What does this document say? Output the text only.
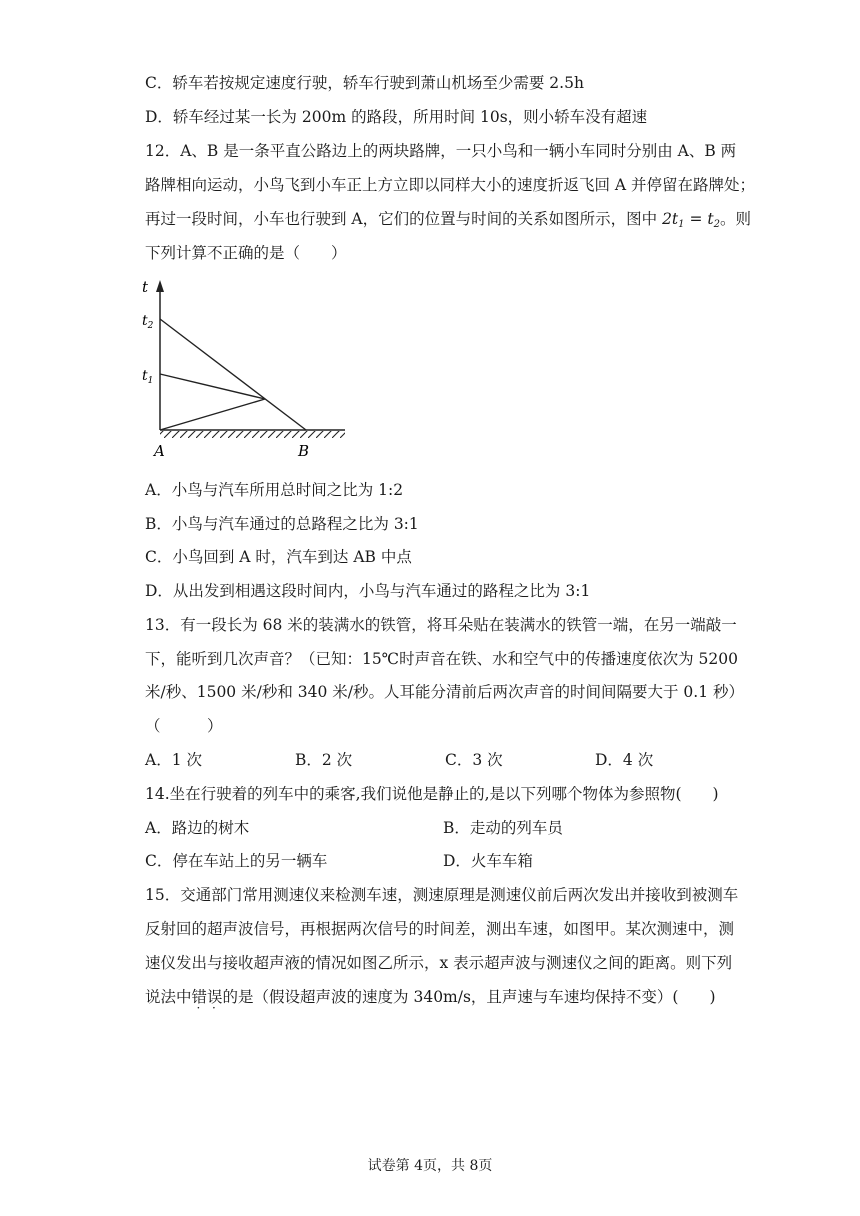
C．轿车若按规定速度行驶，轿车行驶到萧山机场至少需要 2.5h
D．轿车经过某一长为 200m 的路段，所用时间 10s，则小轿车没有超速
12．A、B 是一条平直公路边上的两块路牌，一只小鸟和一辆小车同时分别由 A、B 两
路牌相向运动，小鸟飞到小车正上方立即以同样大小的速度折返飞回 A 并停留在路牌处；
再过一段时间，小车也行驶到 A，它们的位置与时间的关系如图所示，图中 $2t_1 = t_2$。则
下列计算不正确的是（　　）
t
$t_2$
$t_1$
A	B
A．小鸟与汽车所用总时间之比为 1:2
B．小鸟与汽车通过的总路程之比为 3:1
C．小鸟回到 A 时，汽车到达 AB 中点
D．从出发到相遇这段时间内，小鸟与汽车通过的路程之比为 3:1
13．有一段长为 68 米的装满水的铁管，将耳朵贴在装满水的铁管一端，在另一端敲一
下，能听到几次声音？（已知：15℃时声音在铁、水和空气中的传播速度依次为 5200
米/秒、1500 米/秒和 340 米/秒。人耳能分清前后两次声音的时间间隔要大于 0.1 秒）
（　　　）
A．1 次	B．2 次	C．3 次	D．4 次
14.坐在行驶着的列车中的乘客,我们说他是静止的,是以下列哪个物体为参照物(　　)
A．路边的树木	B．走动的列车员
C．停在车站上的另一辆车	D．火车车箱
15．交通部门常用测速仪来检测车速，测速原理是测速仪前后两次发出并接收到被测车
反射回的超声波信号，再根据两次信号的时间差，测出车速，如图甲。某次测速中，测
速仪发出与接收超声液的情况如图乙所示，x 表示超声波与测速仪之间的距离。则下列
说法中错误的是（假设超声波的速度为 340m/s，且声速与车速均保持不变）(　　)
试卷第 4页，共 8页
